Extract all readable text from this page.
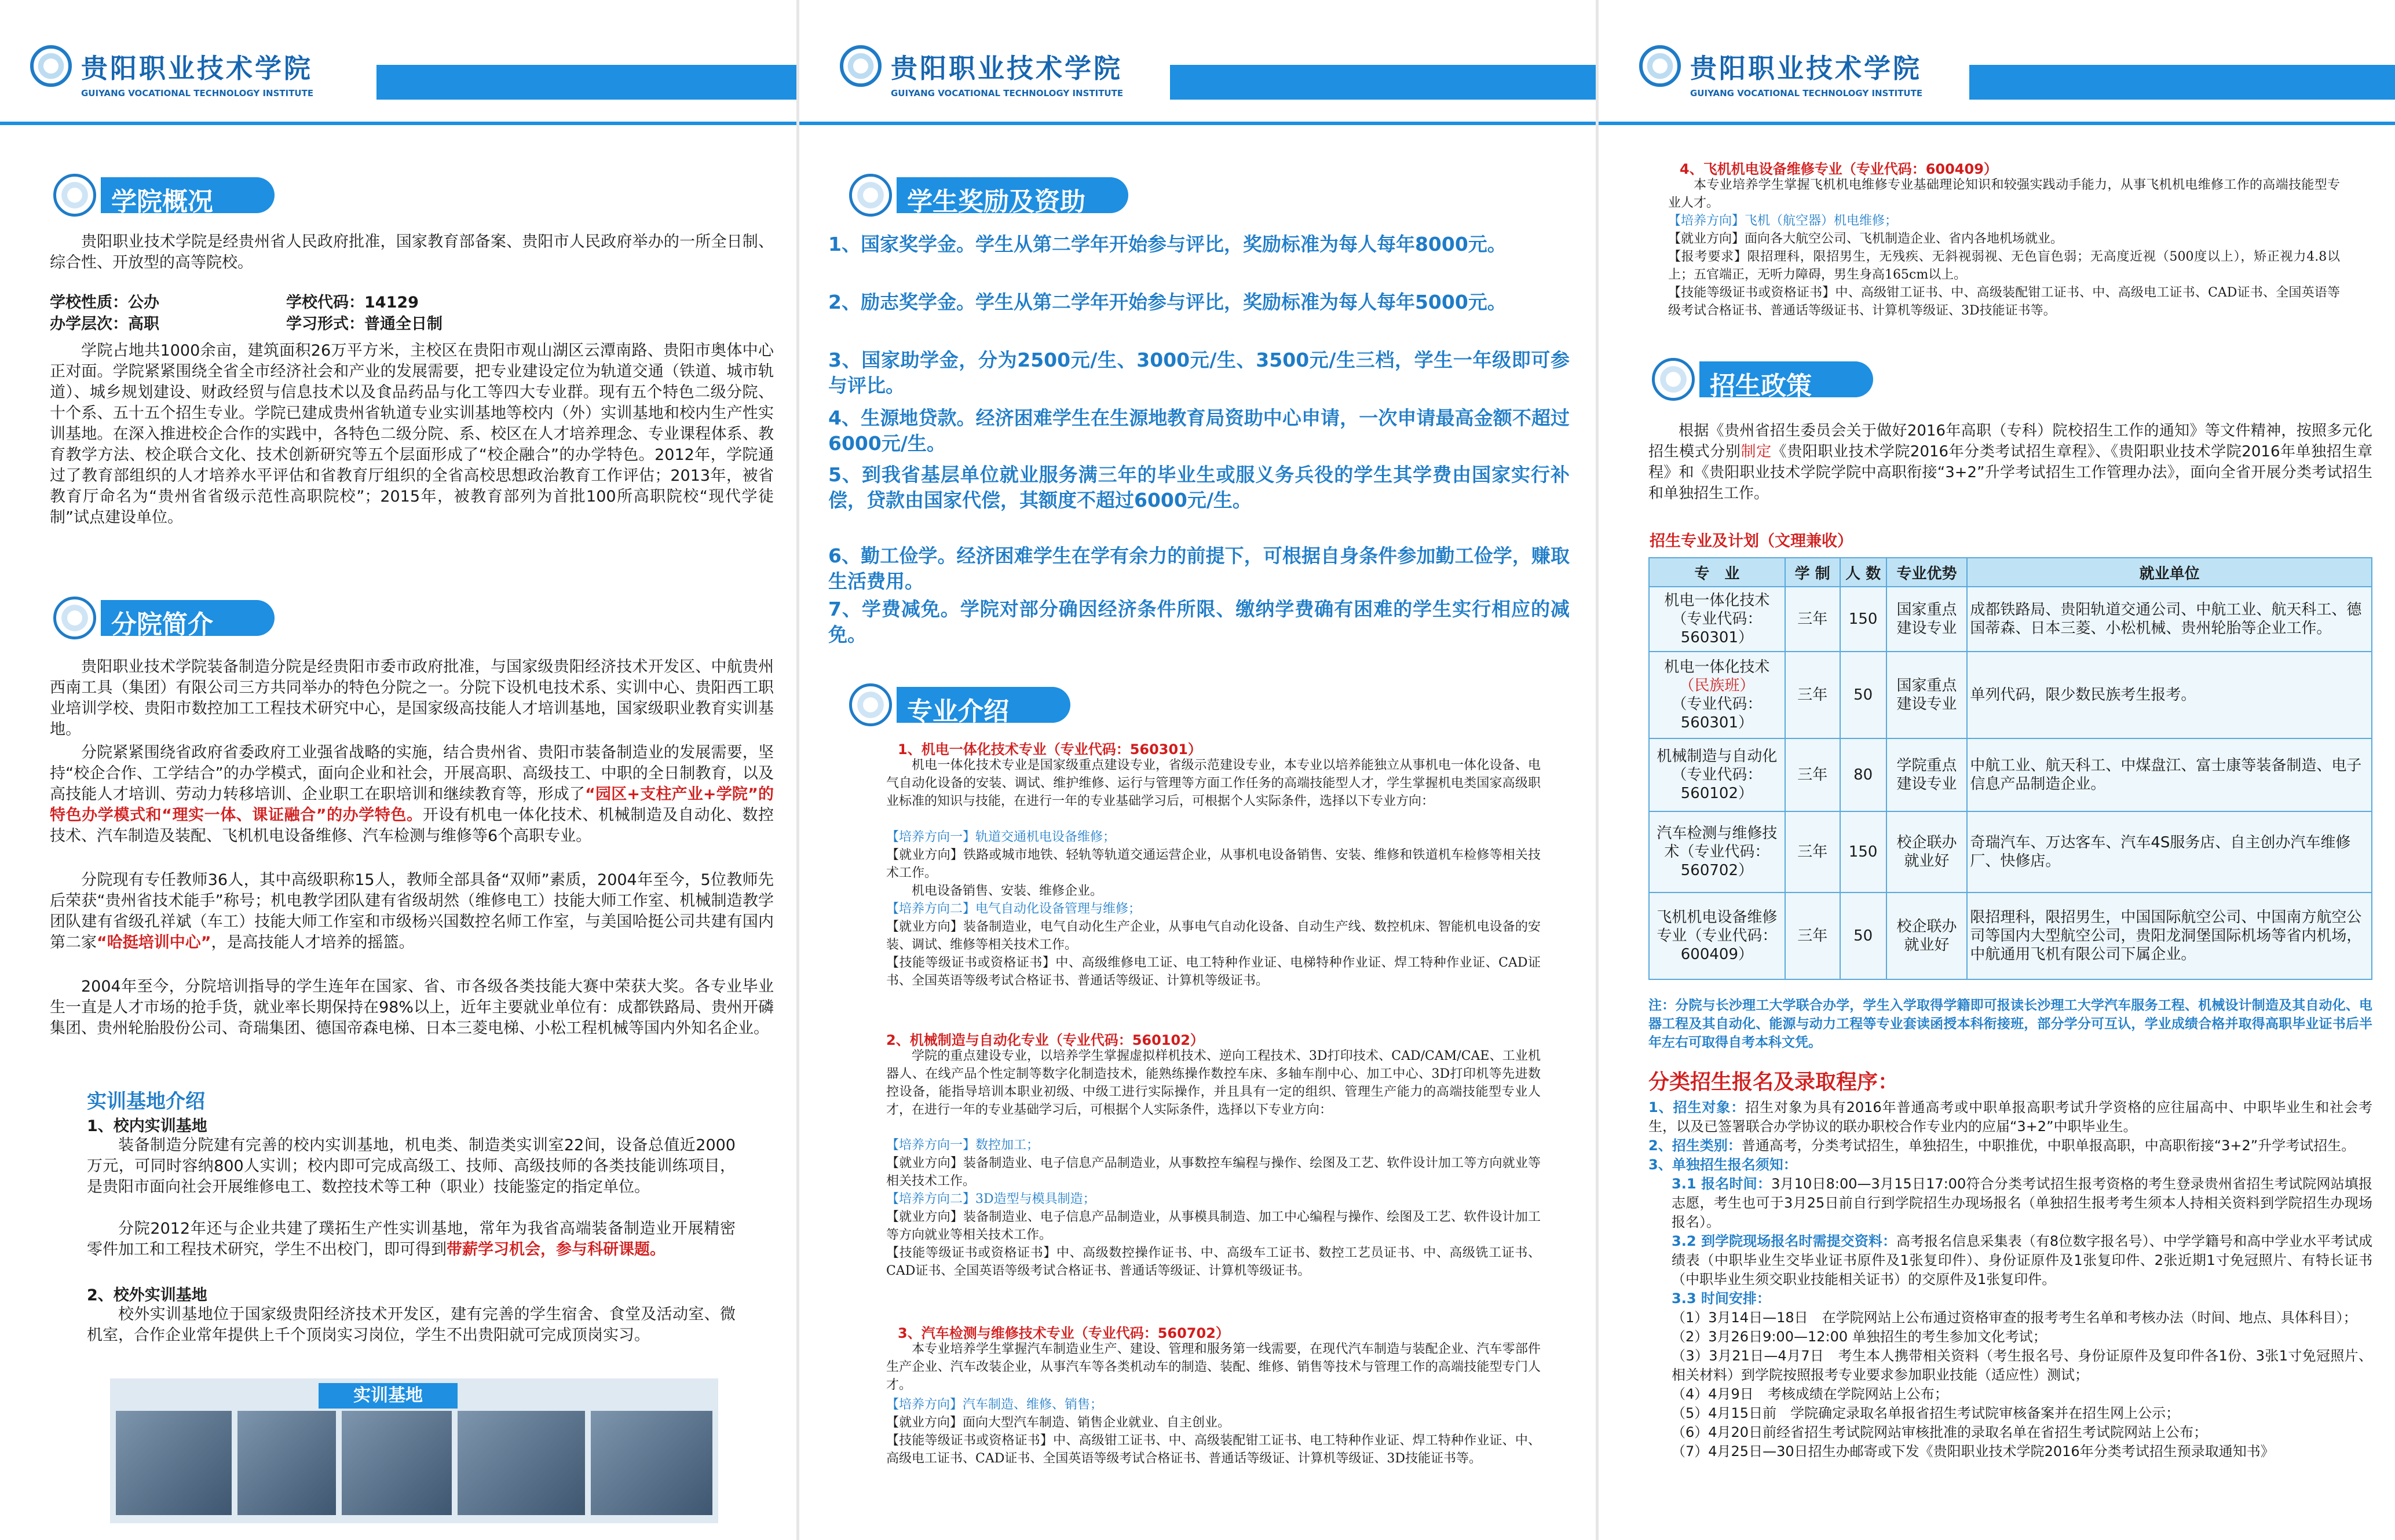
贵阳职业技术学院
GUIYANG VOCATIONAL TECHNOLOGY INSTITUTE
学院概况
贵阳职业技术学院是经贵州省人民政府批准，国家教育部备案、贵阳市人民政府举办的一所全日制、综合性、开放型的高等院校。
学校性质：公办	学校代码：14129
办学层次：高职	学习形式：普通全日制
学院占地共1000余亩，建筑面积26万平方米，主校区在贵阳市观山湖区云潭南路、贵阳市奥体中心正对面。学院紧紧围绕全省全市经济社会和产业的发展需要，把专业建设定位为轨道交通（铁道、城市轨道）、城乡规划建设、财政经贸与信息技术以及食品药品与化工等四大专业群。现有五个特色二级分院、十个系、五十五个招生专业。学院已建成贵州省轨道专业实训基地等校内（外）实训基地和校内生产性实训基地。在深入推进校企合作的实践中，各特色二级分院、系、校区在人才培养理念、专业课程体系、教育教学方法、校企联合文化、技术创新研究等五个层面形成了“校企融合”的办学特色。2012年，学院通过了教育部组织的人才培养水平评估和省教育厅组织的全省高校思想政治教育工作评估；2013年，被省教育厅命名为“贵州省省级示范性高职院校”；2015年，被教育部列为首批100所高职院校“现代学徒制”试点建设单位。
分院简介
贵阳职业技术学院装备制造分院是经贵阳市委市政府批准，与国家级贵阳经济技术开发区、中航贵州西南工具（集团）有限公司三方共同举办的特色分院之一。分院下设机电技术系、实训中心、贵阳西工职业培训学校、贵阳市数控加工工程技术研究中心，是国家级高技能人才培训基地，国家级职业教育实训基地。
分院紧紧围绕省政府省委政府工业强省战略的实施，结合贵州省、贵阳市装备制造业的发展需要，坚持“校企合作、工学结合”的办学模式，面向企业和社会，开展高职、高级技工、中职的全日制教育，以及高技能人才培训、劳动力转移培训、企业职工在职培训和继续教育等，形成了“园区+支柱产业+学院”的特色办学模式和“理实一体、课证融合”的办学特色。开设有机电一体化技术、机械制造及自动化、数控技术、汽车制造及装配、飞机机电设备维修、汽车检测与维修等6个高职专业。
分院现有专任教师36人，其中高级职称15人，教师全部具备“双师”素质，2004年至今，5位教师先后荣获“贵州省技术能手”称号；机电教学团队建有省级胡然（维修电工）技能大师工作室、机械制造教学团队建有省级孔祥斌（车工）技能大师工作室和市级杨兴国数控名师工作室，与美国哈挺公司共建有国内第二家“哈挺培训中心”，是高技能人才培养的摇篮。
2004年至今，分院培训指导的学生连年在国家、省、市各级各类技能大赛中荣获大奖。各专业毕业生一直是人才市场的抢手货，就业率长期保持在98%以上，近年主要就业单位有：成都铁路局、贵州开磷集团、贵州轮胎股份公司、奇瑞集团、德国帝森电梯、日本三菱电梯、小松工程机械等国内外知名企业。
实训基地介绍
1、校内实训基地
装备制造分院建有完善的校内实训基地，机电类、制造类实训室22间，设备总值近2000万元，可同时容纳800人实训；校内即可完成高级工、技师、高级技师的各类技能训练项目，是贵阳市面向社会开展维修电工、数控技术等工种（职业）技能鉴定的指定单位。
分院2012年还与企业共建了璞拓生产性实训基地，常年为我省高端装备制造业开展精密零件加工和工程技术研究，学生不出校门，即可得到带薪学习机会，参与科研课题。
2、校外实训基地
校外实训基地位于国家级贵阳经济技术开发区，建有完善的学生宿舍、食堂及活动室、微机室，合作企业常年提供上千个顶岗实习岗位，学生不出贵阳就可完成顶岗实习。
实训基地
贵阳职业技术学院
GUIYANG VOCATIONAL TECHNOLOGY INSTITUTE
学生奖励及资助
1、国家奖学金。学生从第二学年开始参与评比，奖励标准为每人每年8000元。
2、励志奖学金。学生从第二学年开始参与评比，奖励标准为每人每年5000元。
3、国家助学金，分为2500元/生、3000元/生、3500元/生三档，学生一年级即可参与评比。
4、生源地贷款。经济困难学生在生源地教育局资助中心申请，一次申请最高金额不超过6000元/生。
5、到我省基层单位就业服务满三年的毕业生或服义务兵役的学生其学费由国家实行补偿，贷款由国家代偿，其额度不超过6000元/生。
6、勤工俭学。经济困难学生在学有余力的前提下，可根据自身条件参加勤工俭学，赚取生活费用。
7、学费减免。学院对部分确因经济条件所限、缴纳学费确有困难的学生实行相应的减免。
专业介绍
1、机电一体化技术专业（专业代码：560301）
机电一体化技术专业是国家级重点建设专业，省级示范建设专业，本专业以培养能独立从事机电一体化设备、电气自动化设备的安装、调试、维护维修、运行与管理等方面工作任务的高端技能型人才，学生掌握机电类国家高级职业标准的知识与技能，在进行一年的专业基础学习后，可根据个人实际条件，选择以下专业方向：
【培养方向一】轨道交通机电设备维修；
【就业方向】铁路或城市地铁、轻轨等轨道交通运营企业，从事机电设备销售、安装、维修和铁道机车检修等相关技术工作。
机电设备销售、安装、维修企业。
【培养方向二】电气自动化设备管理与维修；
【就业方向】装备制造业，电气自动化生产企业，从事电气自动化设备、自动生产线、数控机床、智能机电设备的安装、调试、维修等相关技术工作。
【技能等级证书或资格证书】中、高级维修电工证、电工特种作业证、电梯特种作业证、焊工特种作业证、CAD证书、全国英语等级考试合格证书、普通话等级证、计算机等级证书。
2、机械制造与自动化专业（专业代码：560102）
学院的重点建设专业，以培养学生掌握虚拟样机技术、逆向工程技术、3D打印技术、CAD/CAM/CAE、工业机器人、在线产品个性定制等数字化制造技术，能熟练操作数控车床、多轴车削中心、加工中心、3D打印机等先进数控设备，能指导培训本职业初级、中级工进行实际操作，并且具有一定的组织、管理生产能力的高端技能型专业人才，在进行一年的专业基础学习后，可根据个人实际条件，选择以下专业方向：
【培养方向一】数控加工；
【就业方向】装备制造业、电子信息产品制造业，从事数控车编程与操作、绘图及工艺、软件设计加工等方向就业等相关技术工作。
【培养方向二】3D造型与模具制造；
【就业方向】装备制造业、电子信息产品制造业，从事模具制造、加工中心编程与操作、绘图及工艺、软件设计加工等方向就业等相关技术工作。
【技能等级证书或资格证书】中、高级数控操作证书、中、高级车工证书、数控工艺员证书、中、高级铣工证书、CAD证书、全国英语等级考试合格证书、普通话等级证、计算机等级证书。
3、汽车检测与维修技术专业（专业代码：560702）
本专业培养学生掌握汽车制造业生产、建设、管理和服务第一线需要，在现代汽车制造与装配企业、汽车零部件生产企业、汽车改装企业，从事汽车等各类机动车的制造、装配、维修、销售等技术与管理工作的高端技能型专门人才。
【培养方向】汽车制造、维修、销售；
【就业方向】面向大型汽车制造、销售企业就业、自主创业。
【技能等级证书或资格证书】中、高级钳工证书、中、高级装配钳工证书、电工特种作业证、焊工特种作业证、中、高级电工证书、CAD证书、全国英语等级考试合格证书、普通话等级证、计算机等级证、3D技能证书等。
贵阳职业技术学院
GUIYANG VOCATIONAL TECHNOLOGY INSTITUTE
4、飞机机电设备维修专业（专业代码：600409）
本专业培养学生掌握飞机机电维修专业基础理论知识和较强实践动手能力，从事飞机机电维修工作的高端技能型专业人才。
【培养方向】飞机（航空器）机电维修；
【就业方向】面向各大航空公司、飞机制造企业、省内各地机场就业。
【报考要求】限招理科，限招男生，无残疾、无斜视弱视、无色盲色弱；无高度近视（500度以上），矫正视力4.8以上；五官端正，无听力障碍，男生身高165cm以上。
【技能等级证书或资格证书】中、高级钳工证书、中、高级装配钳工证书、中、高级电工证书、CAD证书、全国英语等级考试合格证书、普通话等级证书、计算机等级证、3D技能证书等。
招生政策
根据《贵州省招生委员会关于做好2016年高职（专科）院校招生工作的通知》等文件精神，按照多元化招生模式分别制定《贵阳职业技术学院2016年分类考试招生章程》、《贵阳职业技术学院2016年单独招生章程》和《贵阳职业技术学院学院中高职衔接“3+2”升学考试招生工作管理办法》，面向全省开展分类考试招生和单独招生工作。
招生专业及计划（文理兼收）
专　业	学 制	人 数	专业优势	就业单位
机电一体化技术（专业代码：560301）	三年	150	国家重点建设专业	成都铁路局、贵阳轨道交通公司、中航工业、航天科工、德国蒂森、日本三菱、小松机械、贵州轮胎等企业工作。
机电一体化技术
（民族班）
（专业代码：560301）	三年	50	国家重点建设专业	单列代码，限少数民族考生报考。
机械制造与自动化（专业代码：560102）	三年	80	学院重点建设专业	中航工业、航天科工、中煤盘江、富士康等装备制造、电子信息产品制造企业。
汽车检测与维修技术（专业代码：560702）	三年	150	校企联办就业好	奇瑞汽车、万达客车、汽车4S服务店、自主创办汽车维修厂、快修店。
飞机机电设备维修专业（专业代码：600409）	三年	50	校企联办就业好	限招理科，限招男生，中国国际航空公司、中国南方航空公司等国内大型航空公司，贵阳龙洞堡国际机场等省内机场，中航通用飞机有限公司下属企业。
注：分院与长沙理工大学联合办学，学生入学取得学籍即可报读长沙理工大学汽车服务工程、机械设计制造及其自动化、电器工程及其自动化、能源与动力工程等专业套读函授本科衔接班，部分学分可互认，学业成绩合格并取得高职毕业证书后半年左右可取得自考本科文凭。
分类招生报名及录取程序：
1、招生对象：招生对象为具有2016年普通高考或中职单报高职考试升学资格的应往届高中、中职毕业生和社会考生，以及已签署联合办学协议的联办职校合作专业内的应届“3+2”中职毕业生。
2、招生类别：普通高考，分类考试招生，单独招生，中职推优，中职单报高职，中高职衔接“3+2”升学考试招生。
3、单独招生报名须知：
3.1 报名时间：3月10日8:00—3月15日17:00符合分类考试招生报考资格的考生登录贵州省招生考试院网站填报志愿，考生也可于3月25日前自行到学院招生办现场报名（单独招生报考考生须本人持相关资料到学院招生办现场报名）。
3.2 到学院现场报名时需提交资料：高考报名信息采集表（有8位数字报名号）、中学学籍号和高中学业水平考试成绩表（中职毕业生交毕业证书原件及1张复印件）、身份证原件及1张复印件、2张近期1寸免冠照片、有特长证书（中职毕业生须交职业技能相关证书）的交原件及1张复印件。
3.3 时间安排：
（1）3月14日—18日　在学院网站上公布通过资格审查的报考考生名单和考核办法（时间、地点、具体科目）；
（2）3月26日9:00—12:00 单独招生的考生参加文化考试；
（3）3月21日—4月7日　考生本人携带相关资料（考生报名号、身份证原件及复印件各1份、3张1寸免冠照片、相关材料）到学院按照报考专业要求参加职业技能（适应性）测试；
（4）4月9日　考核成绩在学院网站上公布；
（5）4月15日前　学院确定录取名单报省招生考试院审核备案并在招生网上公示；
（6）4月20日前经省招生考试院网站审核批准的录取名单在省招生考试院网站上公布；
（7）4月25日—30日招生办邮寄或下发《贵阳职业技术学院2016年分类考试招生预录取通知书》
